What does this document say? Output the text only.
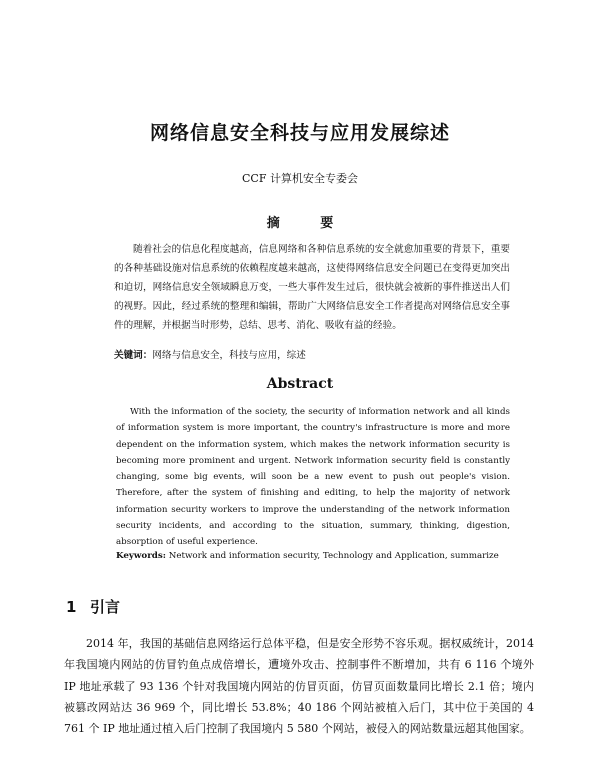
网络信息安全科技与应用发展综述
CCF 计算机安全专委会
摘 要

随着社会的信息化程度越高，信息网络和各种信息系统的安全就愈加重要的背景下，重要的各种基础设施对信息系统的依赖程度越来越高，这使得网络信息安全问题已在变得更加突出和迫切，网络信息安全领域瞬息万变，一些大事件发生过后，很快就会被新的事件推送出人们的视野。因此，经过系统的整理和编辑，帮助广大网络信息安全工作者提高对网络信息安全事件的理解，并根据当时形势，总结、思考、消化、吸收有益的经验。

关键词：网络与信息安全，科技与应用，综述
Abstract

With the information of the society, the security of information network and all kinds of information system is more important, the country's infrastructure is more and more dependent on the information system, which makes the network information security is becoming more prominent and urgent. Network information security field is constantly changing, some big events, will soon be a new event to push out people's vision. Therefore, after the system of finishing and editing, to help the majority of network information security workers to improve the understanding of the network information security incidents, and according to the situation, summary, thinking, digestion, absorption of useful experience.

Keywords: Network and information security, Technology and Application, summarize
1 引言

2014 年，我国的基础信息网络运行总体平稳，但是安全形势不容乐观。据权威统计，2014 年我国境内网站的仿冒钓鱼点成倍增长，遭境外攻击、控制事件不断增加，共有 6 116 个境外 IP 地址承载了 93 136 个针对我国境内网站的仿冒页面，仿冒页面数量同比增长 2.1 倍；境内被篡改网站达 36 969 个，同比增长 53.8%；40 186 个网站被植入后门，其中位于美国的 4 761 个 IP 地址通过植入后门控制了我国境内 5 580 个网站，被侵入的网站数量远超其他国家。
